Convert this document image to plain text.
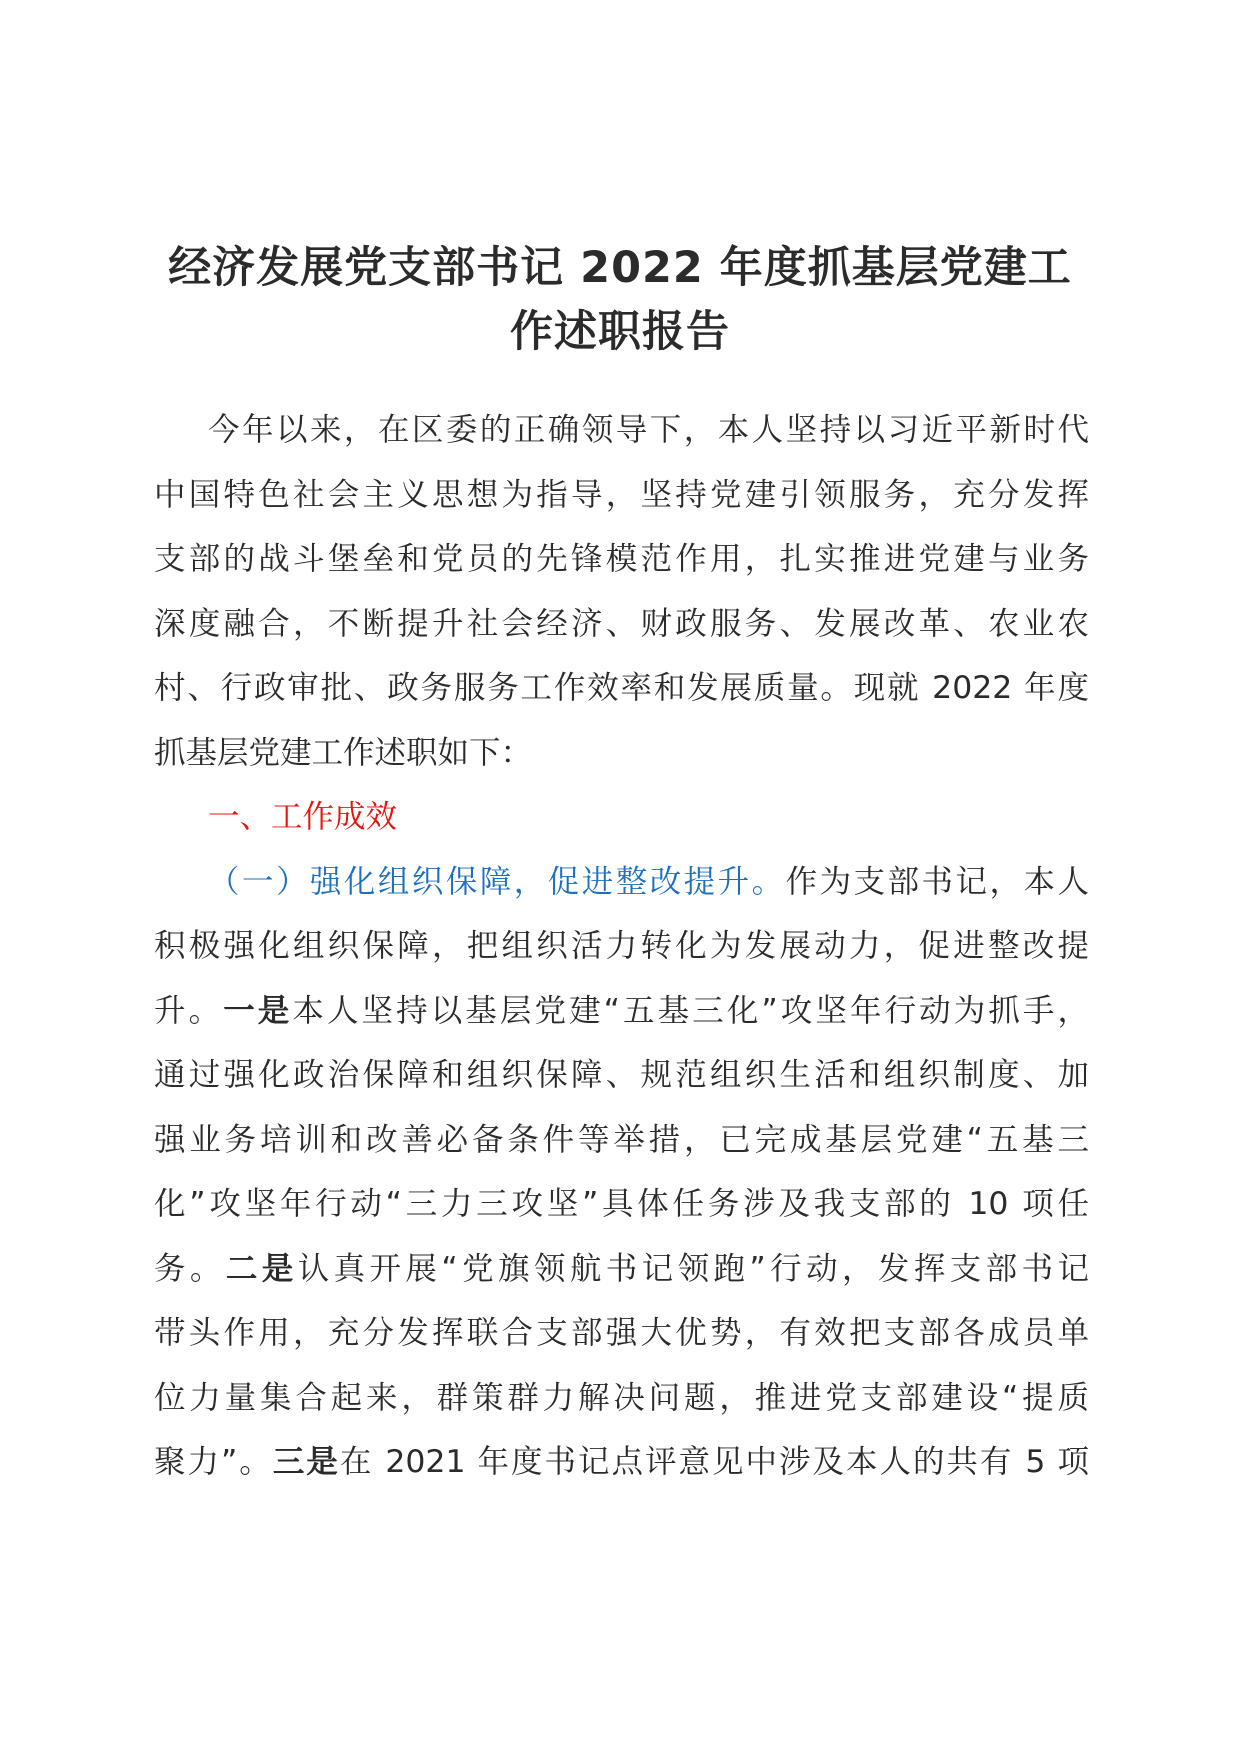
经济发展党支部书记 2022 年度抓基层党建工
作述职报告
今年以来，在区委的正确领导下，本人坚持以习近平新时代
中国特色社会主义思想为指导，坚持党建引领服务，充分发挥
支部的战斗堡垒和党员的先锋模范作用，扎实推进党建与业务
深度融合，不断提升社会经济、财政服务、发展改革、农业农
村、行政审批、政务服务工作效率和发展质量。现就 2022 年度
抓基层党建工作述职如下：
一、工作成效
（一）强化组织保障，促进整改提升。作为支部书记，本人
积极强化组织保障，把组织活力转化为发展动力，促进整改提
升。一是本人坚持以基层党建“五基三化”攻坚年行动为抓手，
通过强化政治保障和组织保障、规范组织生活和组织制度、加
强业务培训和改善必备条件等举措，已完成基层党建“五基三
化”攻坚年行动“三力三攻坚”具体任务涉及我支部的 10 项任
务。二是认真开展“党旗领航书记领跑”行动，发挥支部书记
带头作用，充分发挥联合支部强大优势，有效把支部各成员单
位力量集合起来，群策群力解决问题，推进党支部建设“提质
聚力”。三是在 2021 年度书记点评意见中涉及本人的共有 5 项
